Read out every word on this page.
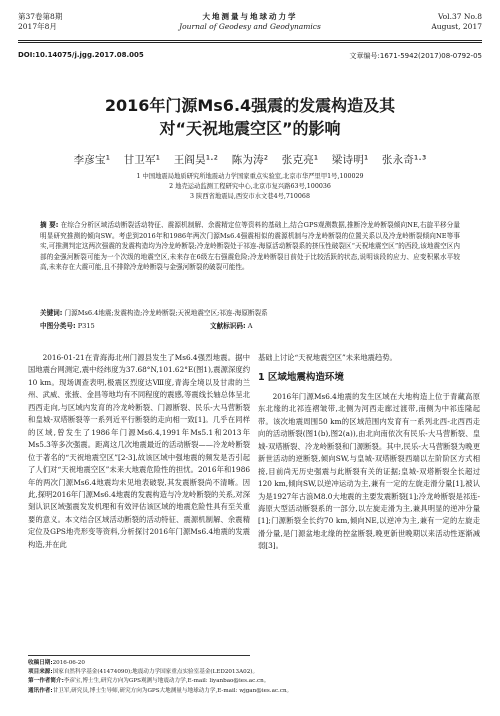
第37卷第8期
2017年8月
大地测量与地球动力学
Journal of Geodesy and Geodynamics
Vol.37 No.8
August, 2017
DOI:10.14075/j.jgg.2017.08.005	文章编号:1671-5942(2017)08-0792-05
2016年门源Ms6.4强震的发震构造及其
对“天祝地震空区”的影响
李彦宝¹ 甘卫军¹ 王阎昊¹·² 陈为涛² 张克亮¹ 梁诗明¹ 张永奇¹·³
1 中国地震局地质研究所地震动力学国家重点实验室,北京市华严里甲1号,100029
2 地壳运动监测工程研究中心,北京市复兴路63号,100036
3 陕西省地震局,西安市水文巷4号,710068
摘 要: 在综合分析区域活动断裂活动特征、震源机制解、余震精定位等资料的基础上,结合GPS观测数据,推断冷龙岭断裂倾向NE,右旋平移分量明显研究推测的倾向SW。考虑到2016年和1986年两次门源Ms6.4强震相似的震源机制与冷龙岭断裂的位置关系以及冷龙岭断裂倾向NE等事实,可推测判定这两次强震的发震构造均为冷龙岭断裂;冷龙岭断裂处于祁连-海原活动断裂系的挤压性破裂区“天祝地震空区”的西段,该地震空区内部的金强河断裂可能为一个次级的地震空区,未来存在6级左右强震危险;冷龙岭断裂目前处于比较活跃的状态,说明该段的应力、应变积累水平较高,未来存在大震可能,且不排除冷龙岭断裂与金强河断裂的破裂可能性。
关键词: 门源Ms6.4地震;发震构造;冷龙岭断裂;天祝地震空区;祁连-海原断裂系
中图分类号: P315	文献标识码: A
2016-01-21在青海海北州门源县发生了Ms6.4强烈地震。据中国地震台网测定,震中经纬度为37.68°N,101.62°E(图1),震源深度约10 km。现场调查表明,极震区烈度达Ⅷ度,青海全境以及甘肃的兰州、武威、张掖、金昌等地均有不同程度的震感,等震线长轴总体呈北西西走向,与区域内发育的冷龙岭断裂、门源断裂、民乐-大马营断裂和皇城-双塔断裂等一系列近平行断裂的走向相一致[1]。几乎在同样的区域,曾发生了1986年门源Ms6.4,1991年Ms5.1和2013年Ms5.3等多次强震。距离这几次地震最近的活动断裂——冷龙岭断裂位于著名的“天祝地震空区”[2-3],故该区域中强地震的频发是否引起了人们对“天祝地震空区”未来大地震危险性的担忧。2016年和1986年的两次门源Ms6.4地震均未见地表破裂,其发震断裂尚不清晰。因此,探明2016年门源Ms6.4地震的发震构造与冷龙岭断裂的关系,对深刻认识区域强震发发机理和有效评估该区域的地震危险性具有至关重要的意义。本文结合区域活动断裂的活动特征、震源机制解、余震精定位及GPS地壳形变等资料,分析探讨2016年门源Ms6.4地震的发震构造,并在此
基础上讨论“天祝地震空区”未来地震趋势。
1 区域地震构造环境
2016年门源Ms6.4地震的发生区域在大地构造上位于青藏高原东北缘的北祁连褶皱带,北侧为河西走廊过渡带,南侧为中祁连隆起带。该次地震周围50 km的区域范围内发育有一系列北西-北西西走向的活动断裂(图1(b),图2(a)),由北向南依次有民乐-大马营断裂、皇城-双塔断裂、冷龙岭断裂和门源断裂。其中,民乐-大马营断裂为晚更新世活动的逆断裂,倾向SW,与皇城-双塔断裂西端以左阶阶区方式相接,目前尚无历史强震与此断裂有关的证据;皇城-双塔断裂全长超过120 km,倾向SW,以逆冲运动为主,兼有一定的左旋走滑分量[1],被认为是1927年古浪M8.0大地震的主要发震断裂[1];冷龙岭断裂是祁连-海原大型活动断裂系的一部分,以左旋走滑为主,兼具明显的逆冲分量[1];门源断裂全长约70 km,倾向NE,以逆冲为主,兼有一定的左旋走滑分量,是门源盆地北缘的控盆断裂,晚更新世晚期以来活动性逐渐减弱[3]。
收稿日期:2016-06-20
项目来源:国家自然科学基金(41474090);地震动力学国家重点实验室基金(LED2013A02)。
第一作者简介:李彦宝,博士生,研究方向为GPS观测与地震动力学,E-mail: liyanbao@ies.ac.cn。
通讯作者:甘卫军,研究员,博士生导师,研究方向为GPS大地测量与地球动力学,E-mail: wjgan@ies.ac.cn。
